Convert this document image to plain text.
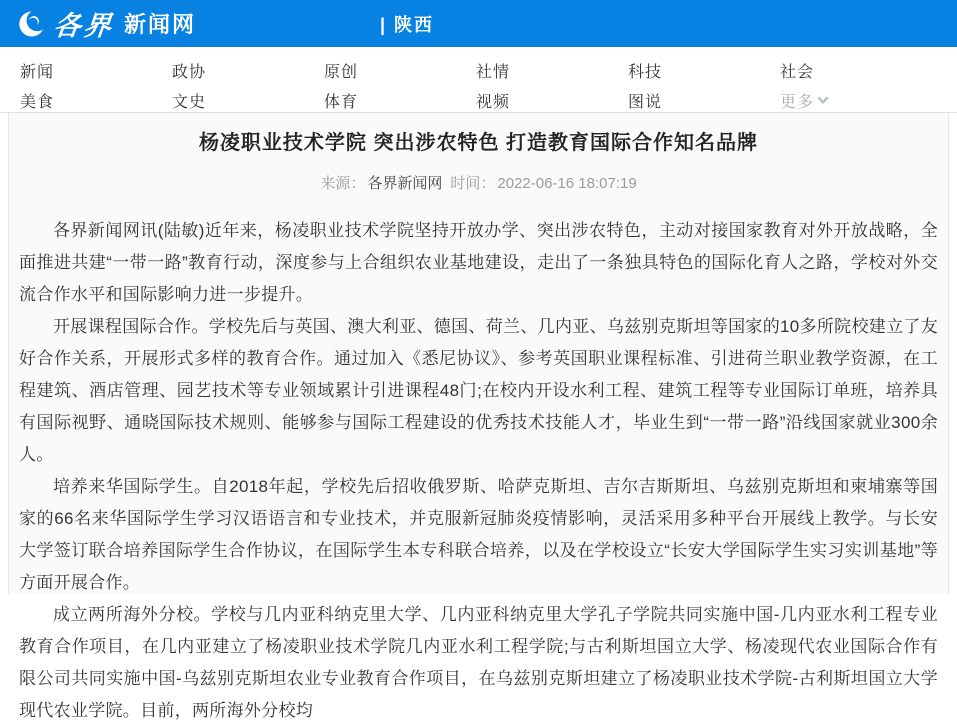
各界 新闻网	| 陕西
新闻	政协	原创	社情	科技	社会
美食	文史	体育	视频	图说	更多
杨凌职业技术学院 突出涉农特色 打造教育国际合作知名品牌
来源： 各界新闻网 时间： 2022-06-16 18:07:19

各界新闻网讯(陆敏)近年来，杨凌职业技术学院坚持开放办学、突出涉农特色，主动对接国家教育对外开放战略，全面推进共建“一带一路”教育行动，深度参与上合组织农业基地建设，走出了一条独具特色的国际化育人之路，学校对外交流合作水平和国际影响力进一步提升。

开展课程国际合作。学校先后与英国、澳大利亚、德国、荷兰、几内亚、乌兹别克斯坦等国家的10多所院校建立了友好合作关系，开展形式多样的教育合作。通过加入《悉尼协议》、参考英国职业课程标准、引进荷兰职业教学资源，在工程建筑、酒店管理、园艺技术等专业领域累计引进课程48门;在校内开设水利工程、建筑工程等专业国际订单班，培养具有国际视野、通晓国际技术规则、能够参与国际工程建设的优秀技术技能人才，毕业生到“一带一路”沿线国家就业300余人。

培养来华国际学生。自2018年起，学校先后招收俄罗斯、哈萨克斯坦、吉尔吉斯斯坦、乌兹别克斯坦和柬埔寨等国家的66名来华国际学生学习汉语语言和专业技术，并克服新冠肺炎疫情影响，灵活采用多种平台开展线上教学。与长安大学签订联合培养国际学生合作协议，在国际学生本专科联合培养，以及在学校设立“长安大学国际学生实习实训基地”等方面开展合作。

成立两所海外分校。学校与几内亚科纳克里大学、几内亚科纳克里大学孔子学院共同实施中国-几内亚水利工程专业教育合作项目，在几内亚建立了杨凌职业技术学院几内亚水利工程学院;与古利斯坦国立大学、杨凌现代农业国际合作有限公司共同实施中国-乌兹别克斯坦农业专业教育合作项目，在乌兹别克斯坦建立了杨凌职业技术学院-古利斯坦国立大学现代农业学院。目前，两所海外分校均
